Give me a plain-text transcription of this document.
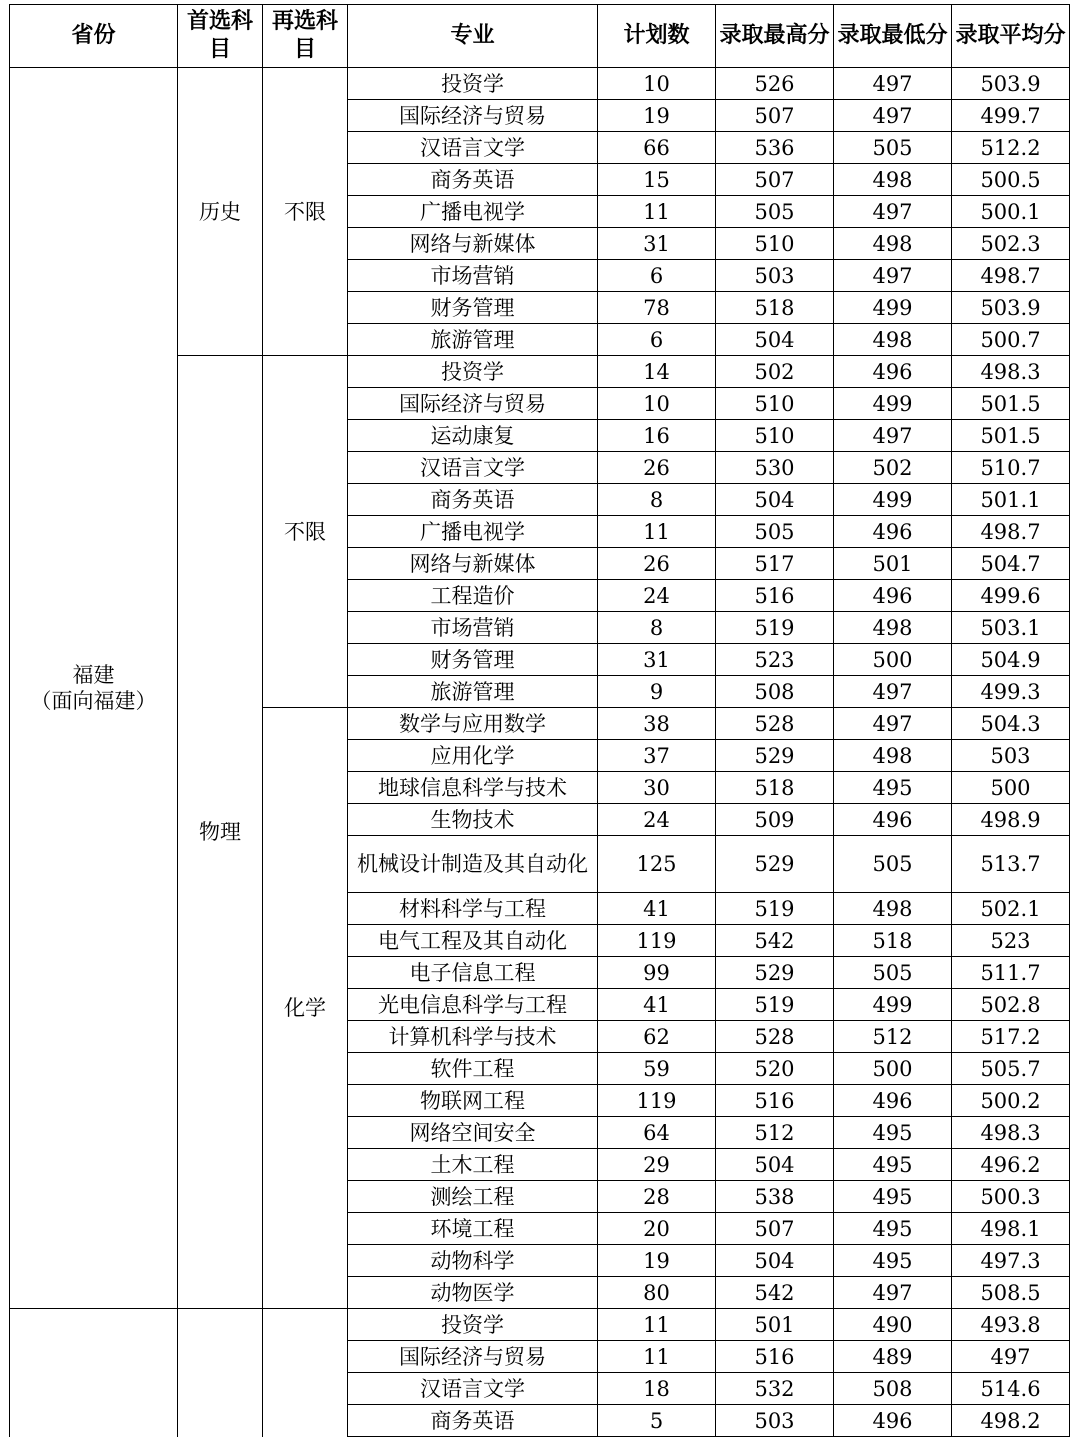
省份	首选科目	再选科目	专业	计划数	录取最高分	录取最低分	录取平均分

福建
（面向福建）	历史	不限	投资学	10	526	497	503.9
			国际经济与贸易	19	507	497	499.7
			汉语言文学	66	536	505	512.2
			商务英语	15	507	498	500.5
			广播电视学	11	505	497	500.1
			网络与新媒体	31	510	498	502.3
			市场营销	6	503	497	498.7
			财务管理	78	518	499	503.9
			旅游管理	6	504	498	500.7
	物理	不限	投资学	14	502	496	498.3
			国际经济与贸易	10	510	499	501.5
			运动康复	16	510	497	501.5
			汉语言文学	26	530	502	510.7
			商务英语	8	504	499	501.1
			广播电视学	11	505	496	498.7
			网络与新媒体	26	517	501	504.7
			工程造价	24	516	496	499.6
			市场营销	8	519	498	503.1
			财务管理	31	523	500	504.9
			旅游管理	9	508	497	499.3
		化学	数学与应用数学	38	528	497	504.3
			应用化学	37	529	498	503
			地球信息科学与技术	30	518	495	500
			生物技术	24	509	496	498.9
			机械设计制造及其自动化	125	529	505	513.7
			材料科学与工程	41	519	498	502.1
			电气工程及其自动化	119	542	518	523
			电子信息工程	99	529	505	511.7
			光电信息科学与工程	41	519	499	502.8
			计算机科学与技术	62	528	512	517.2
			软件工程	59	520	500	505.7
			物联网工程	119	516	496	500.2
			网络空间安全	64	512	495	498.3
			土木工程	29	504	495	496.2
			测绘工程	28	538	495	500.3
			环境工程	20	507	495	498.1
			动物科学	19	504	495	497.3
			动物医学	80	542	497	508.5
			投资学	11	501	490	493.8
			国际经济与贸易	11	516	489	497
			汉语言文学	18	532	508	514.6
			商务英语	5	503	496	498.2
